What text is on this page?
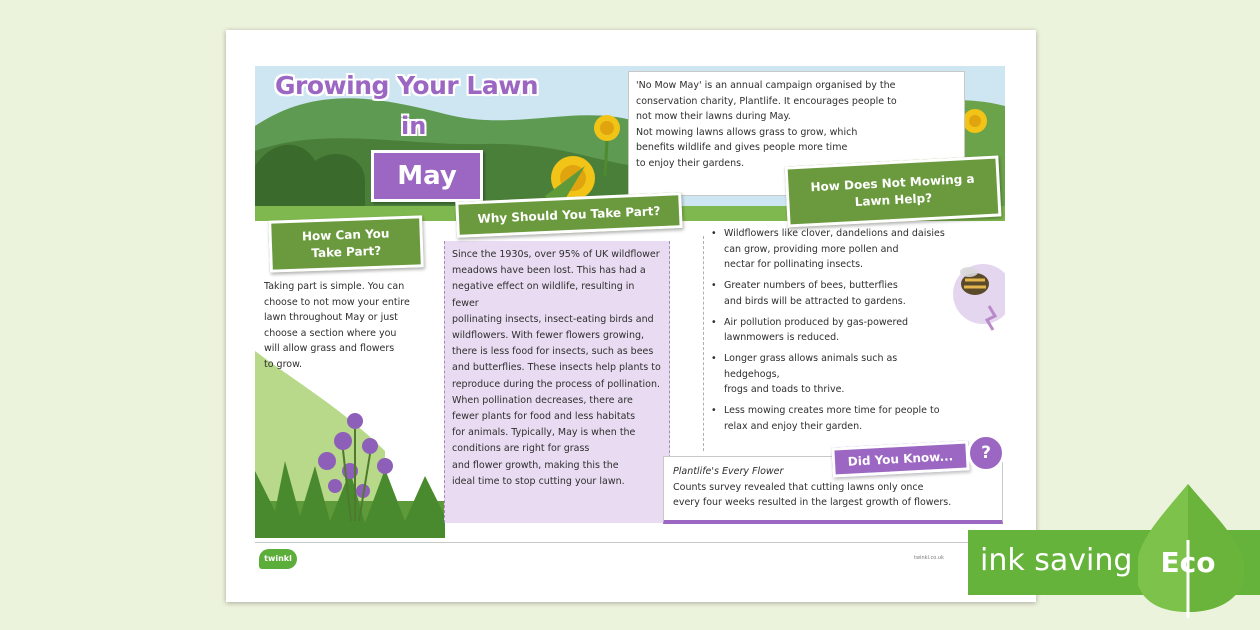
Growing Your Lawn
in
May
'No Mow May' is an annual campaign organised by the
conservation charity, Plantlife. It encourages people to
not mow their lawns during May.
Not mowing lawns allows grass to grow, which
benefits wildlife and gives people more time
to enjoy their gardens.
How Can You
Take Part?
Taking part is simple. You can
choose to not mow your entire
lawn throughout May or just
choose a section where you
will allow grass and flowers
to grow.
Since the 1930s, over 95% of UK wildflower
meadows have been lost. This has had a
negative effect on wildlife, resulting in fewer
pollinating insects, insect-eating birds and
wildflowers. With fewer flowers growing,
there is less food for insects, such as bees
and butterflies. These insects help plants to
reproduce during the process of pollination.
When pollination decreases, there are
fewer plants for food and less habitats
for animals. Typically, May is when the
conditions are right for grass
and flower growth, making this the
ideal time to stop cutting your lawn.
Why Should You Take Part?
How Does Not Mowing a
Lawn Help?
• Wildflowers like clover, dandelions and daisies
can grow, providing more pollen and
nectar for pollinating insects.
• Greater numbers of bees, butterflies
and birds will be attracted to gardens.
• Air pollution produced by gas-powered
lawnmowers is reduced.
• Longer grass allows animals such as hedgehogs,
frogs and toads to thrive.
• Less mowing creates more time for people to
relax and enjoy their garden.
Plantlife's Every Flower
Counts survey revealed that cutting lawns only once
every four weeks resulted in the largest growth of flowers.
Did You Know...	?
twinkl	twinkl.co.uk ink saving Eco
